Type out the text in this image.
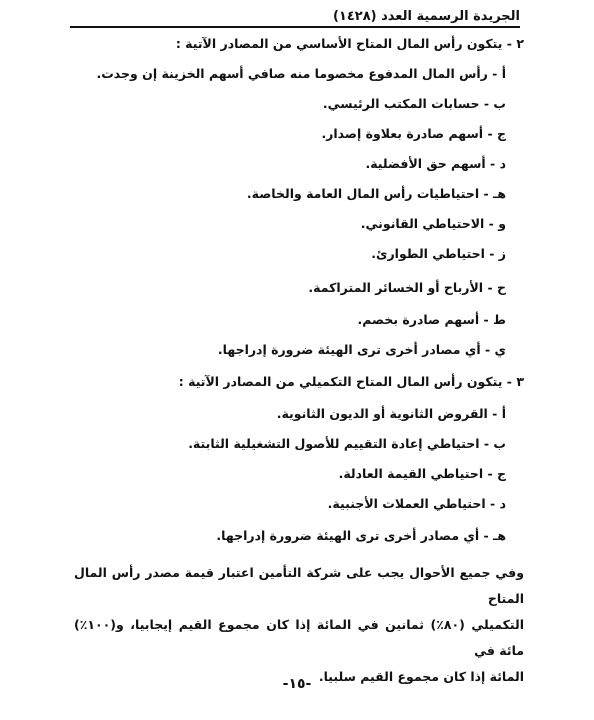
الجريدة الرسمية العدد (١٤٢٨)
٢ - يتكون رأس المال المتاح الأساسي من المصادر الآتية :
أ - رأس المال المدفوع مخصوما منه صافي أسهم الخزينة إن وجدت.
ب - حسابات المكتب الرئيسي.
ج - أسهم صادرة بعلاوة إصدار.
د - أسهم حق الأفضلية.
هـ - احتياطيات رأس المال العامة والخاصة.
و - الاحتياطي القانوني.
ز - احتياطي الطوارئ.
ح - الأرباح أو الخسائر المتراكمة.
ط - أسهم صادرة بخصم.
ي - أي مصادر أخرى ترى الهيئة ضرورة إدراجها.
٣ - يتكون رأس المال المتاح التكميلي من المصادر الآتية :
أ - القروض الثانوية أو الديون الثانوية.
ب - احتياطي إعادة التقييم للأصول التشغيلية الثابتة.
ج - احتياطي القيمة العادلة.
د - احتياطي العملات الأجنبية.
هـ - أي مصادر أخرى ترى الهيئة ضرورة إدراجها.
وفي جميع الأحوال يجب على شركة التأمين اعتبار قيمة مصدر رأس المال المتاح
التكميلي (٨٠٪) ثمانين في المائة إذا كان مجموع القيم إيجابيا، و(١٠٠٪) مائة في
المائة إذا كان مجموع القيم سلبيا.
-١٥-
